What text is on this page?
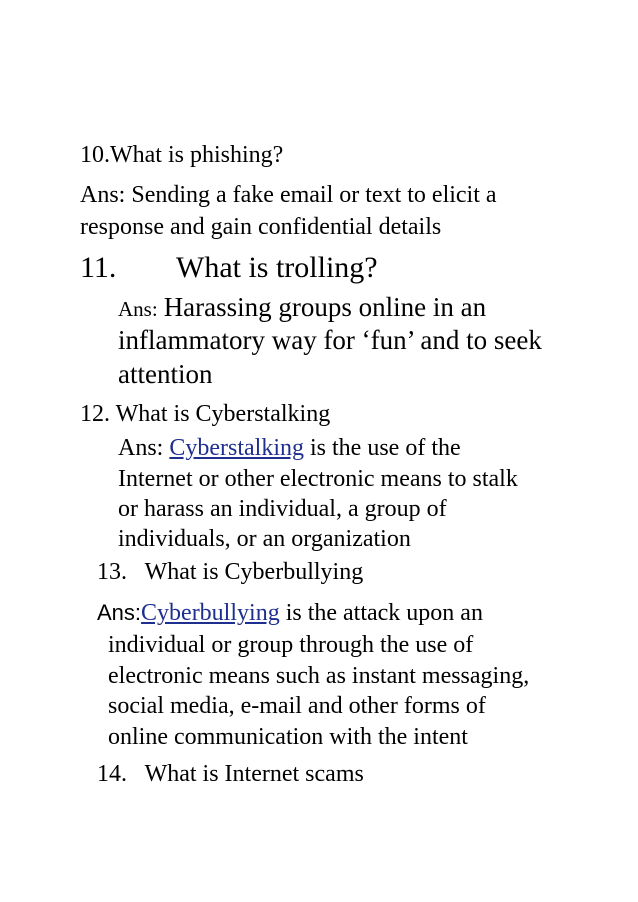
10.What is phishing?
Ans: Sending a fake email or text to elicit a
response and gain confidential details
11. What is trolling?
Ans: Harassing groups online in an
inflammatory way for ‘fun’ and to seek
attention
12. What is Cyberstalking
Ans: Cyberstalking is the use of the
Internet or other electronic means to stalk
or harass an individual, a group of
individuals, or an organization
13.   What is Cyberbullying
Ans:Cyberbullying is the attack upon an
individual or group through the use of
electronic means such as instant messaging,
social media, e-mail and other forms of
online communication with the intent
14.   What is Internet scams
